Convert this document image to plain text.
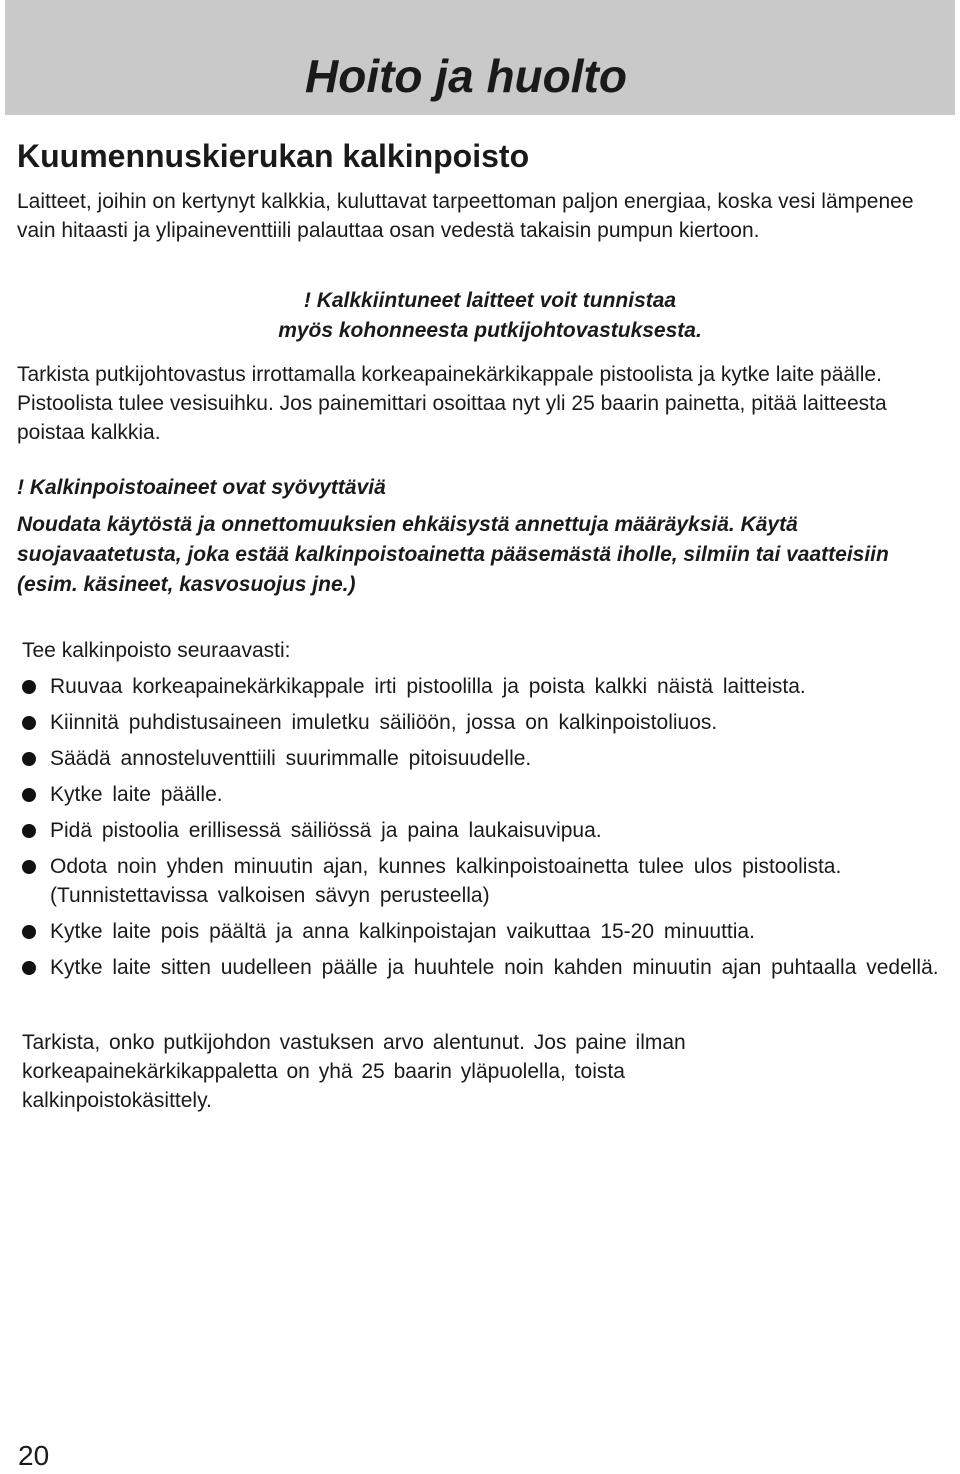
Hoito ja huolto
Kuumennuskierukan kalkinpoisto

Laitteet, joihin on kertynyt kalkkia, kuluttavat tarpeettoman paljon energiaa, koska vesi lämpenee vain hitaasti ja ylipaineventtiili palauttaa osan vedestä takaisin pumpun kiertoon.

! Kalkkiintuneet laitteet voit tunnistaa
myös kohonneesta putkijohtovastuksesta.

Tarkista putkijohtovastus irrottamalla korkeapainekärkikappale pistoolista ja kytke laite päälle. Pistoolista tulee vesisuihku. Jos painemittari osoittaa nyt yli 25 baarin painetta, pitää laitteesta poistaa kalkkia.

! Kalkinpoistoaineet ovat syövyttäviä

Noudata käytöstä ja onnettomuuksien ehkäisystä annettuja määräyksiä. Käytä suojavaatetusta, joka estää kalkinpoistoainetta pääsemästä iholle, silmiin tai vaatteisiin (esim. käsineet, kasvosuojus jne.)

Tee kalkinpoisto seuraavasti:

Ruuvaa korkeapainekärkikappale irti pistoolilla ja poista kalkki näistä laitteista.
Kiinnitä puhdistusaineen imuletku säiliöön, jossa on kalkinpoistoliuos.
Säädä annosteluventtiili suurimmalle pitoisuudelle.
Kytke laite päälle.
Pidä pistoolia erillisessä säiliössä ja paina laukaisuvipua.
Odota noin yhden minuutin ajan, kunnes kalkinpoistoainetta tulee ulos pistoolista. (Tunnistettavissa valkoisen sävyn perusteella)
Kytke laite pois päältä ja anna kalkinpoistajan vaikuttaa 15-20 minuuttia.
Kytke laite sitten uudelleen päälle ja huuhtele noin kahden minuutin ajan puhtaalla vedellä.

Tarkista, onko putkijohdon vastuksen arvo alentunut. Jos paine ilman korkeapainekärkikappaletta on yhä 25 baarin yläpuolella, toista kalkinpoistokäsittely.

20
